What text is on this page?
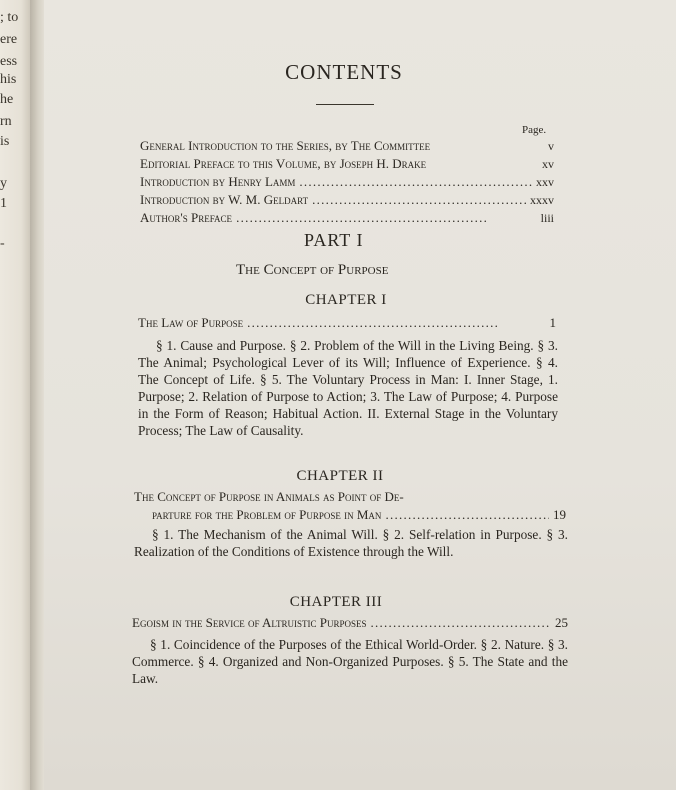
; to
ere
ess
his
he
rn
is
y
1
-
CONTENTS
Page.
General Introduction to the Series, by The Committee	v
Editorial Preface to this Volume, by Joseph H. Drake	xv
Introduction by Henry Lamm . . .	xxv
Introduction by W. M. Geldart . . .	xxxv
Author's Preface . . .	liii
PART I
The Concept of Purpose
CHAPTER I
The Law of Purpose . . .	1
§ 1. Cause and Purpose. § 2. Problem of the Will in the Living Being. § 3. The Animal; Psychological Lever of its Will; Influence of Experience. § 4. The Concept of Life. § 5. The Voluntary Process in Man: I. Inner Stage, 1. Purpose; 2. Relation of Purpose to Action; 3. The Law of Purpose; 4. Purpose in the Form of Reason; Habitual Action. II. External Stage in the Voluntary Process; The Law of Causality.
CHAPTER II
The Concept of Purpose in Animals as Point of De-
parture for the Problem of Purpose in Man . . .	19
§ 1. The Mechanism of the Animal Will. § 2. Self-relation in Purpose. § 3. Realization of the Conditions of Existence through the Will.
CHAPTER III
Egoism in the Service of Altruistic Purposes . . .	25
§ 1. Coincidence of the Purposes of the Ethical World-Order. § 2. Nature. § 3. Commerce. § 4. Organized and Non-Organized Purposes. § 5. The State and the Law.
